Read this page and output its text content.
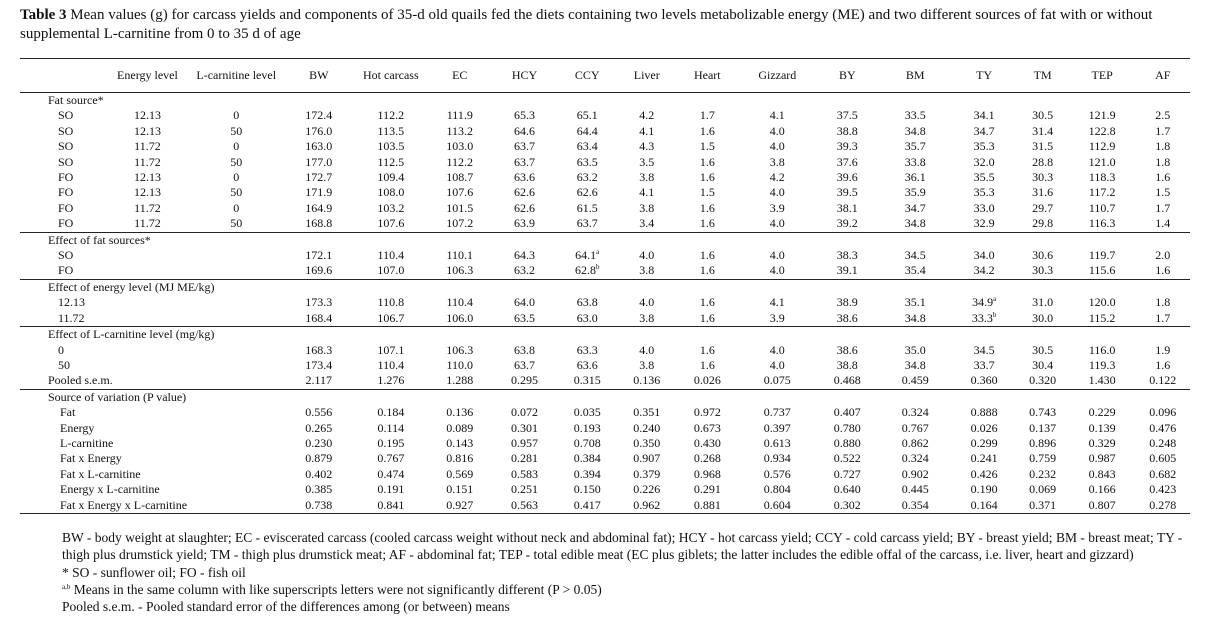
Table 3 Mean values (g) for carcass yields and components of 35-d old quails fed the diets containing two levels metabolizable energy (ME) and two different sources of fat with or without supplemental L-carnitine from 0 to 35 d of age
	Energy level	L-carnitine level	BW	Hot carcass	EC	HCY	CCY	Liver	Heart	Gizzard	BY	BM	TY	TM	TEP	AF
Fat source*																
SO	12.13	0	172.4	112.2	111.9	65.3	65.1	4.2	1.7	4.1	37.5	33.5	34.1	30.5	121.9	2.5
SO	12.13	50	176.0	113.5	113.2	64.6	64.4	4.1	1.6	4.0	38.8	34.8	34.7	31.4	122.8	1.7
SO	11.72	0	163.0	103.5	103.0	63.7	63.4	4.3	1.5	4.0	39.3	35.7	35.3	31.5	112.9	1.8
SO	11.72	50	177.0	112.5	112.2	63.7	63.5	3.5	1.6	3.8	37.6	33.8	32.0	28.8	121.0	1.8
FO	12.13	0	172.7	109.4	108.7	63.6	63.2	3.8	1.6	4.2	39.6	36.1	35.5	30.3	118.3	1.6
FO	12.13	50	171.9	108.0	107.6	62.6	62.6	4.1	1.5	4.0	39.5	35.9	35.3	31.6	117.2	1.5
FO	11.72	0	164.9	103.2	101.5	62.6	61.5	3.8	1.6	3.9	38.1	34.7	33.0	29.7	110.7	1.7
FO	11.72	50	168.8	107.6	107.2	63.9	63.7	3.4	1.6	4.0	39.2	34.8	32.9	29.8	116.3	1.4
Effect of fat sources*																
SO			172.1	110.4	110.1	64.3	64.1$^a$	4.0	1.6	4.0	38.3	34.5	34.0	30.6	119.7	2.0
FO			169.6	107.0	106.3	63.2	62.8$^b$	3.8	1.6	4.0	39.1	35.4	34.2	30.3	115.6	1.6
Effect of energy level (MJ ME/kg)																
12.13			173.3	110.8	110.4	64.0	63.8	4.0	1.6	4.1	38.9	35.1	34.9$^a$	31.0	120.0	1.8
11.72			168.4	106.7	106.0	63.5	63.0	3.8	1.6	3.9	38.6	34.8	33.3$^b$	30.0	115.2	1.7
Effect of L-carnitine level (mg/kg)																
0			168.3	107.1	106.3	63.8	63.3	4.0	1.6	4.0	38.6	35.0	34.5	30.5	116.0	1.9
50			173.4	110.4	110.0	63.7	63.6	3.8	1.6	4.0	38.8	34.8	33.7	30.4	119.3	1.6
Pooled s.e.m.			2.117	1.276	1.288	0.295	0.315	0.136	0.026	0.075	0.468	0.459	0.360	0.320	1.430	0.122
Source of variation (P value)																
Fat			0.556	0.184	0.136	0.072	0.035	0.351	0.972	0.737	0.407	0.324	0.888	0.743	0.229	0.096
Energy			0.265	0.114	0.089	0.301	0.193	0.240	0.673	0.397	0.780	0.767	0.026	0.137	0.139	0.476
L-carnitine			0.230	0.195	0.143	0.957	0.708	0.350	0.430	0.613	0.880	0.862	0.299	0.896	0.329	0.248
Fat x Energy			0.879	0.767	0.816	0.281	0.384	0.907	0.268	0.934	0.522	0.324	0.241	0.759	0.987	0.605
Fat x L-carnitine			0.402	0.474	0.569	0.583	0.394	0.379	0.968	0.576	0.727	0.902	0.426	0.232	0.843	0.682
Energy x L-carnitine			0.385	0.191	0.151	0.251	0.150	0.226	0.291	0.804	0.640	0.445	0.190	0.069	0.166	0.423
Fat x Energy x L-carnitine			0.738	0.841	0.927	0.563	0.417	0.962	0.881	0.604	0.302	0.354	0.164	0.371	0.807	0.278
BW - body weight at slaughter; EC - eviscerated carcass (cooled carcass weight without neck and abdominal fat); HCY - hot carcass yield; CCY - cold carcass yield; BY - breast yield; BM - breast meat; TY - thigh plus drumstick yield; TM - thigh plus drumstick meat; AF - abdominal fat; TEP - total edible meat (EC plus giblets; the latter includes the edible offal of the carcass, i.e. liver, heart and gizzard)
* SO - sunflower oil; FO - fish oil
$^{a,b}$ Means in the same column with like superscripts letters were not significantly different (P > 0.05)
Pooled s.e.m. - Pooled standard error of the differences among (or between) means
